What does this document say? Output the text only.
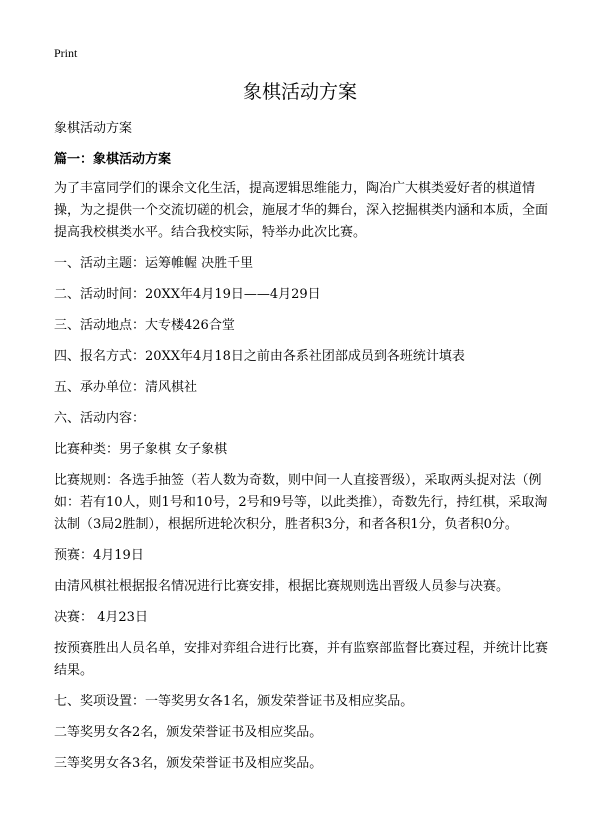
Print
象棋活动方案

象棋活动方案

篇一：象棋活动方案

为了丰富同学们的课余文化生活，提高逻辑思维能力，陶冶广大棋类爱好者的棋道情操，为之提供一个交流切磋的机会，施展才华的舞台，深入挖掘棋类内涵和本质，全面提高我校棋类水平。结合我校实际，特举办此次比赛。

一、活动主题：运筹帷幄 决胜千里

二、活动时间：20XX年4月19日——4月29日

三、活动地点：大专楼426合堂

四、报名方式：20XX年4月18日之前由各系社团部成员到各班统计填表

五、承办单位：清风棋社

六、活动内容：

比赛种类：男子象棋 女子象棋

比赛规则：各选手抽签（若人数为奇数，则中间一人直接晋级），采取两头捉对法（例如：若有10人，则1号和10号，2号和9号等，以此类推），奇数先行，持红棋，采取淘汰制（3局2胜制），根据所进轮次积分，胜者积3分，和者各积1分，负者积0分。

预赛：4月19日

由清风棋社根据报名情况进行比赛安排，根据比赛规则选出晋级人员参与决赛。

决赛： 4月23日

按预赛胜出人员名单，安排对弈组合进行比赛，并有监察部监督比赛过程，并统计比赛结果。

七、奖项设置：一等奖男女各1名，颁发荣誉证书及相应奖品。

二等奖男女各2名，颁发荣誉证书及相应奖品。

三等奖男女各3名，颁发荣誉证书及相应奖品。
